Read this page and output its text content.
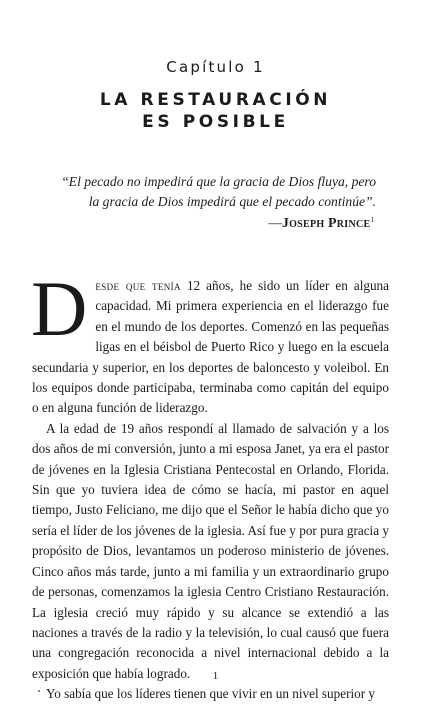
Capítulo 1
LA RESTAURACIÓN
ES POSIBLE
“El pecado no impedirá que la gracia de Dios fluya, pero
la gracia de Dios impedirá que el pecado continúe”.
—Joseph Prince$^1$

Desde que tenía 12 años, he sido un líder en alguna capacidad. Mi primera experiencia en el liderazgo fue en el mundo de los deportes. Comenzó en las pequeñas ligas en el béisbol de Puerto Rico y luego en la escuela secundaria y superior, en los deportes de baloncesto y voleibol. En los equipos donde participaba, terminaba como capitán del equipo o en alguna función de liderazgo.

A la edad de 19 años respondí al llamado de salvación y a los dos años de mi conversión, junto a mi esposa Janet, ya era el pastor de jóvenes en la Iglesia Cristiana Pentecostal en Orlando, Florida. Sin que yo tuviera idea de cómo se hacía, mi pastor en aquel tiempo, Justo Feliciano, me dijo que el Señor le había dicho que yo sería el líder de los jóvenes de la iglesia. Así fue y por pura gracia y propósito de Dios, levantamos un poderoso ministerio de jóvenes. Cinco años más tarde, junto a mi familia y un extraordinario grupo de personas, comenzamos la iglesia Centro Cristiano Restauración. La iglesia creció muy rápido y su alcance se extendió a las naciones a través de la radio y la televisión, lo cual causó que fuera una congregación reconocida a nivel internacional debido a la exposición que había logrado.

Yo sabía que los líderes tienen que vivir en un nivel superior y

1
